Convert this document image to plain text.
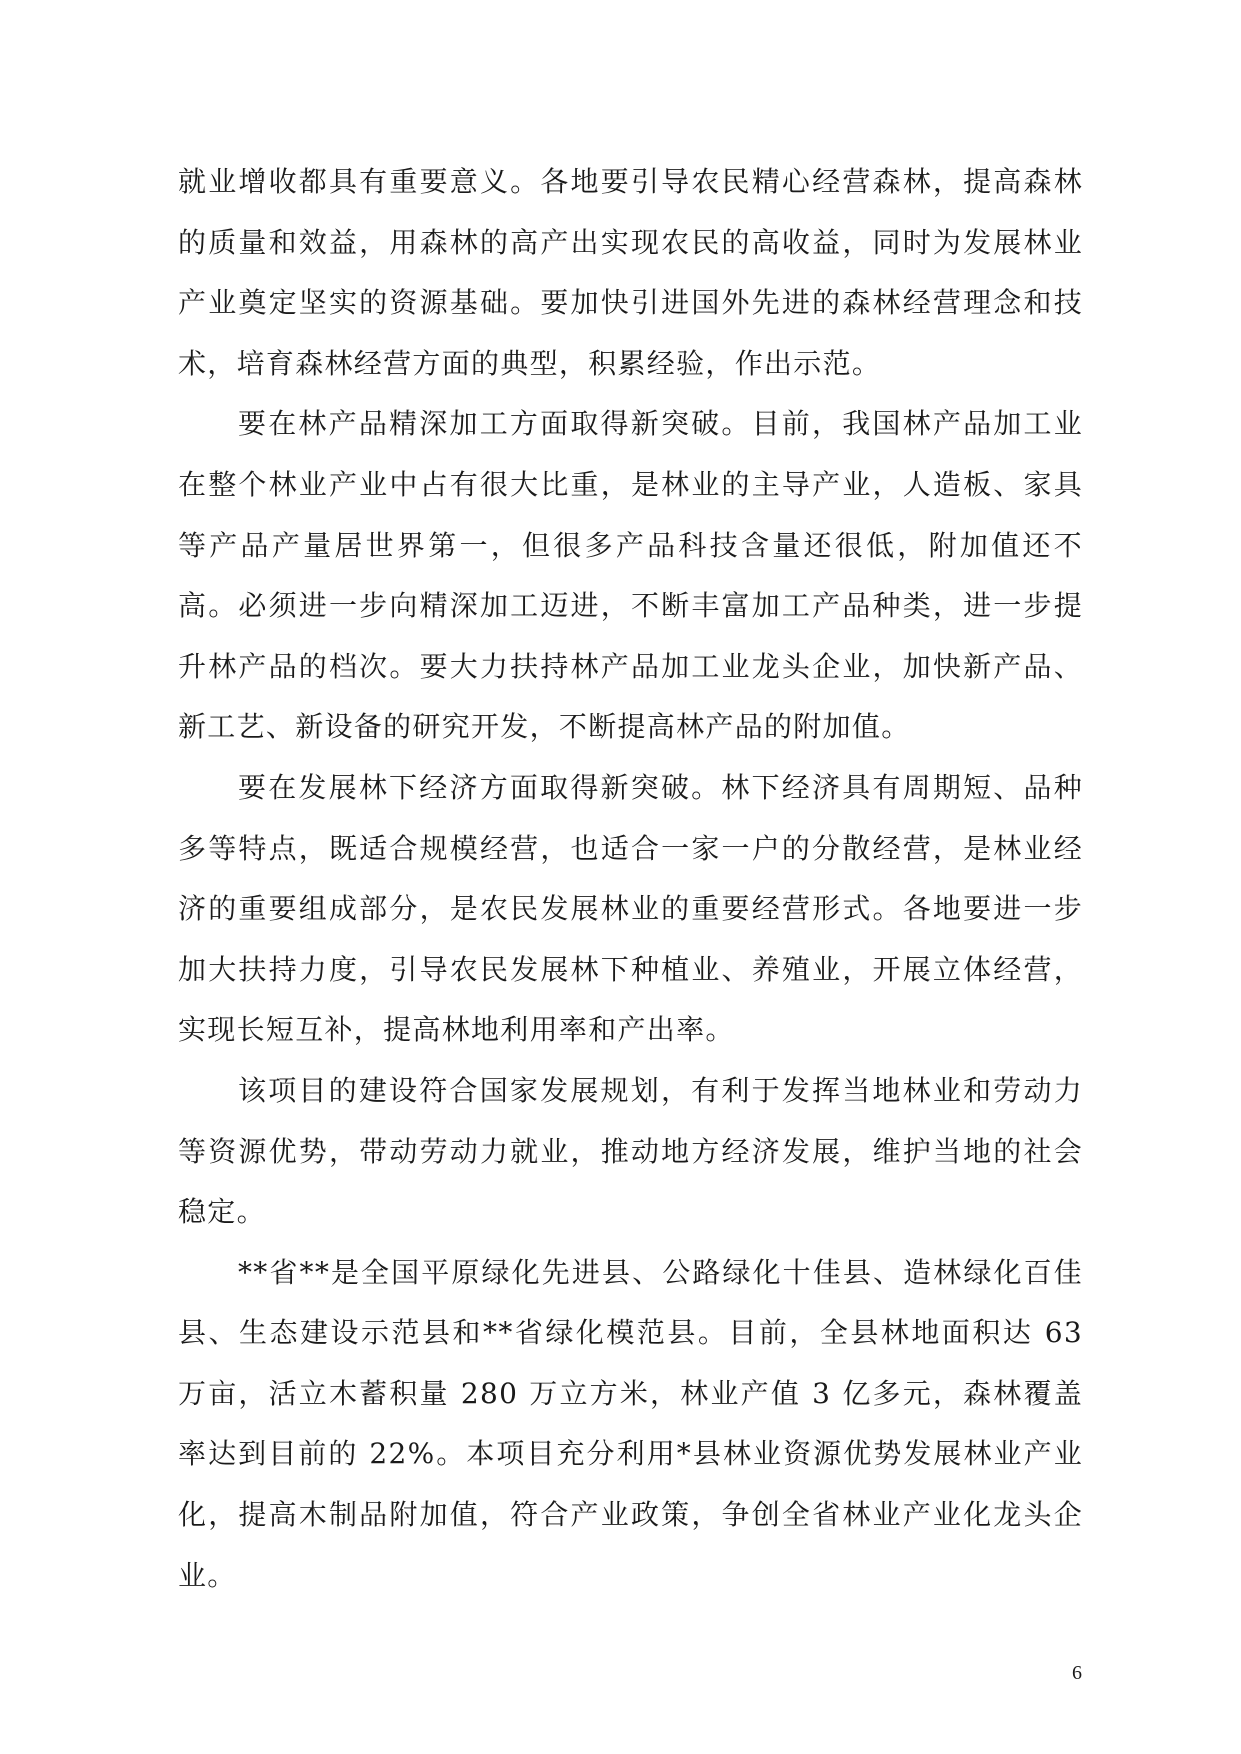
就业增收都具有重要意义。各地要引导农民精心经营森林，提高森林的质量和效益，用森林的高产出实现农民的高收益，同时为发展林业产业奠定坚实的资源基础。要加快引进国外先进的森林经营理念和技术，培育森林经营方面的典型，积累经验，作出示范。

要在林产品精深加工方面取得新突破。目前，我国林产品加工业在整个林业产业中占有很大比重，是林业的主导产业，人造板、家具等产品产量居世界第一，但很多产品科技含量还很低，附加值还不高。必须进一步向精深加工迈进，不断丰富加工产品种类，进一步提升林产品的档次。要大力扶持林产品加工业龙头企业，加快新产品、新工艺、新设备的研究开发，不断提高林产品的附加值。

要在发展林下经济方面取得新突破。林下经济具有周期短、品种多等特点，既适合规模经营，也适合一家一户的分散经营，是林业经济的重要组成部分，是农民发展林业的重要经营形式。各地要进一步加大扶持力度，引导农民发展林下种植业、养殖业，开展立体经营，实现长短互补，提高林地利用率和产出率。

该项目的建设符合国家发展规划，有利于发挥当地林业和劳动力等资源优势，带动劳动力就业，推动地方经济发展，维护当地的社会稳定。

**省**是全国平原绿化先进县、公路绿化十佳县、造林绿化百佳县、生态建设示范县和**省绿化模范县。目前，全县林地面积达 63 万亩，活立木蓄积量 280 万立方米，林业产值 3 亿多元，森林覆盖率达到目前的 22%。本项目充分利用*县林业资源优势发展林业产业化，提高木制品附加值，符合产业政策，争创全省林业产业化龙头企业。

6
